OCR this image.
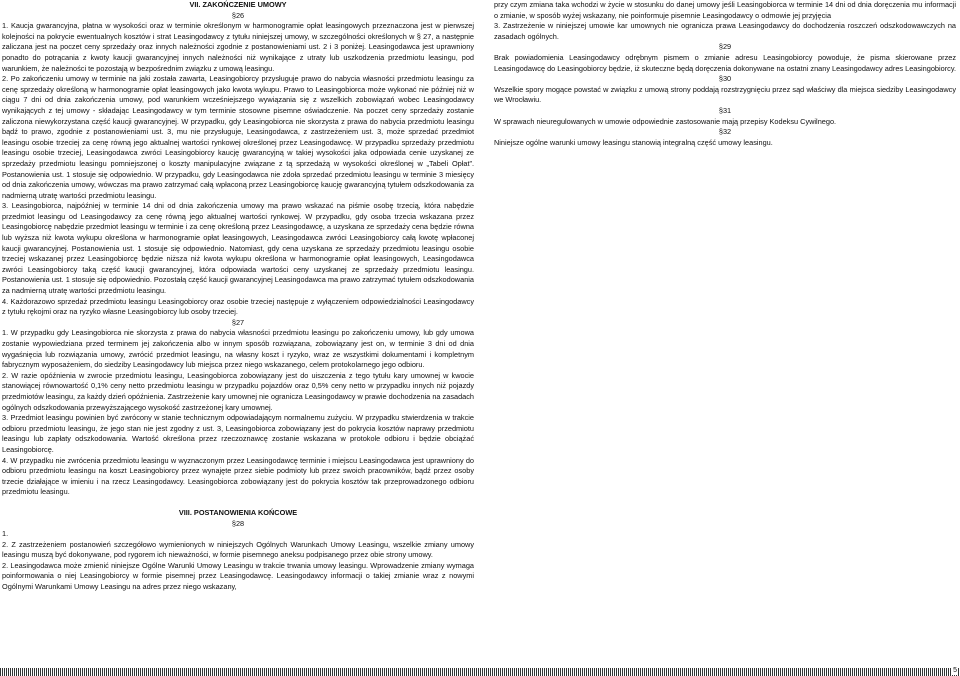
VII. ZAKOŃCZENIE UMOWY

§26

1. Kaucja gwarancyjna, płatna w wysokości oraz w terminie określonym w harmonogramie opłat leasingowych przeznaczona jest w pierwszej kolejności na pokrycie ewentualnych kosztów i strat Leasingodawcy z tytułu niniejszej umowy, w szczególności określonych w § 27, a następnie zaliczana jest na poczet ceny sprzedaży oraz innych należności zgodnie z postanowieniami ust. 2 i 3 poniżej. Leasingodawca jest uprawniony ponadto do potrącania z kwoty kaucji gwarancyjnej innych należności niż wynikające z utraty lub uszkodzenia przedmiotu leasingu, pod warunkiem, że należności te pozostają w bezpośrednim związku z umową leasingu.

2. Po zakończeniu umowy w terminie na jaki została zawarta, Leasingobiorcy przysługuje prawo do nabycia własności przedmiotu leasingu za cenę sprzedaży określoną w harmonogramie opłat leasingowych jako kwota wykupu. Prawo to Leasingobiorca może wykonać nie później niż w ciągu 7 dni od dnia zakończenia umowy, pod warunkiem wcześniejszego wywiązania się z wszelkich zobowiązań wobec Leasingodawcy wynikających z tej umowy - składając Leasingodawcy w tym terminie stosowne pisemne oświadczenie. Na poczet ceny sprzedaży zostanie zaliczona niewykorzystana część kaucji gwarancyjnej. W przypadku, gdy Leasingobiorca nie skorzysta z prawa do nabycia przedmiotu leasingu bądź to prawo, zgodnie z postanowieniami ust. 3, mu nie przysługuje, Leasingodawca, z zastrzeżeniem ust. 3, może sprzedać przedmiot leasingu osobie trzeciej za cenę równą jego aktualnej wartości rynkowej określonej przez Leasingodawcę. W przypadku sprzedaży przedmiotu leasingu osobie trzeciej, Leasingodawca zwróci Leasingobiorcy kaucję gwarancyjną w takiej wysokości jaka odpowiada cenie uzyskanej ze sprzedaży przedmiotu leasingu pomniejszonej o koszty manipulacyjne związane z tą sprzedażą w wysokości określonej w „Tabeli Opłat”. Postanowienia ust. 1 stosuje się odpowiednio. W przypadku, gdy Leasingodawca nie zdoła sprzedać przedmiotu leasingu w terminie 3 miesięcy od dnia zakończenia umowy, wówczas ma prawo zatrzymać całą wpłaconą przez Leasingobiorcę kaucję gwarancyjną tytułem odszkodowania za nadmierną utratę wartości przedmiotu leasingu.

3. Leasingobiorca, najpóźniej w terminie 14 dni od dnia zakończenia umowy ma prawo wskazać na piśmie osobę trzecią, która nabędzie przedmiot leasingu od Leasingodawcy za cenę równą jego aktualnej wartości rynkowej. W przypadku, gdy osoba trzecia wskazana przez Leasingobiorcę nabędzie przedmiot leasingu w terminie i za cenę określoną przez Leasingodawcę, a uzyskana ze sprzedaży cena będzie równa lub wyższa niż kwota wykupu określona w harmonogramie opłat leasingowych, Leasingodawca zwróci Leasingobiorcy całą kwotę wpłaconej kaucji gwarancyjnej. Postanowienia ust. 1 stosuje się odpowiednio. Natomiast, gdy cena uzyskana ze sprzedaży przedmiotu leasingu osobie trzeciej wskazanej przez Leasingobiorcę będzie niższa niż kwota wykupu określona w harmonogramie opłat leasingowych, Leasingodawca zwróci Leasingobiorcy taką część kaucji gwarancyjnej, która odpowiada wartości ceny uzyskanej ze sprzedaży przedmiotu leasingu. Postanowienia ust. 1 stosuje się odpowiednio. Pozostałą część kaucji gwarancyjnej Leasingodawca ma prawo zatrzymać tytułem odszkodowania za nadmierną utratę wartości przedmiotu leasingu.

4. Każdorazowo sprzedaż przedmiotu leasingu Leasingobiorcy oraz osobie trzeciej następuje z wyłączeniem odpowiedzialności Leasingodawcy z tytułu rękojmi oraz na ryzyko własne Leasingobiorcy lub osoby trzeciej.

§27

1. W przypadku gdy Leasingobiorca nie skorzysta z prawa do nabycia własności przedmiotu leasingu po zakończeniu umowy, lub gdy umowa zostanie wypowiedziana przed terminem jej zakończenia albo w innym sposób rozwiązana, zobowiązany jest on, w terminie 3 dni od dnia wygaśnięcia lub rozwiązania umowy, zwrócić przedmiot leasingu, na własny koszt i ryzyko, wraz ze wszystkimi dokumentami i kompletnym fabrycznym wyposażeniem, do siedziby Leasingodawcy lub miejsca przez niego wskazanego, celem protokolarnego jego odbioru.

2. W razie opóźnienia w zwrocie przedmiotu leasingu, Leasingobiorca zobowiązany jest do uiszczenia z tego tytułu kary umownej w kwocie stanowiącej równowartość 0,1% ceny netto przedmiotu leasingu w przypadku pojazdów oraz 0,5% ceny netto w przypadku innych niż pojazdy przedmiotów leasingu, za każdy dzień opóźnienia. Zastrzeżenie kary umownej nie ogranicza Leasingodawcy w prawie dochodzenia na zasadach ogólnych odszkodowania przewyższającego wysokość zastrzeżonej kary umownej.

3. Przedmiot leasingu powinien być zwrócony w stanie technicznym odpowiadającym normalnemu zużyciu. W przypadku stwierdzenia w trakcie odbioru przedmiotu leasingu, że jego stan nie jest zgodny z ust. 3, Leasingobiorca zobowiązany jest do pokrycia kosztów naprawy przedmiotu leasingu lub zapłaty odszkodowania. Wartość określona przez rzeczoznawcę zostanie wskazana w protokole odbioru i będzie obciążać Leasingobiorcę.

4. W przypadku nie zwrócenia przedmiotu leasingu w wyznaczonym przez Leasingodawcę terminie i miejscu Leasingodawca jest uprawniony do odbioru przedmiotu leasingu na koszt Leasingobiorcy przez wynajęte przez siebie podmioty lub przez swoich pracowników, bądź przez osoby trzecie działające w imieniu i na rzecz Leasingodawcy. Leasingobiorca zobowiązany jest do pokrycia kosztów tak przeprowadzonego odbioru przedmiotu leasingu.

VIII. POSTANOWIENIA KOŃCOWE

§28

1.

2. Z zastrzeżeniem postanowień szczegółowo wymienionych w niniejszych Ogólnych Warunkach Umowy Leasingu, wszelkie zmiany umowy leasingu muszą być dokonywane, pod rygorem ich nieważności, w formie pisemnego aneksu podpisanego przez obie strony umowy.

2. Leasingodawca może zmienić niniejsze Ogólne Warunki Umowy Leasingu w trakcie trwania umowy leasingu. Wprowadzenie zmiany wymaga poinformowania o niej Leasingobiorcy w formie pisemnej przez Leasingodawcę. Leasingodawcy informacji o takiej zmianie wraz z nowymi Ogólnymi Warunkami Umowy Leasingu na adres przez niego wskazany,

przy czym zmiana taka wchodzi w życie w stosunku do danej umowy jeśli Leasingobiorca w terminie 14 dni od dnia doręczenia mu informacji o zmianie, w sposób wyżej wskazany, nie poinformuje pisemnie Leasingodawcy o odmowie jej przyjęcia

3. Zastrzeżenie w niniejszej umowie kar umownych nie ogranicza prawa Leasingodawcy do dochodzenia roszczeń odszkodowawczych na zasadach ogólnych.

§29

Brak powiadomienia Leasingodawcy odrębnym pismem o zmianie adresu Leasingobiorcy powoduje, że pisma skierowane przez Leasingodawcę do Leasingobiorcy będzie, iż skuteczne będą doręczenia dokonywane na ostatni znany Leasingodawcy adres Leasingobiorcy.

§30

Wszelkie spory mogące powstać w związku z umową strony poddają rozstrzygnięciu przez sąd właściwy dla miejsca siedziby Leasingodawcy we Wrocławiu.

§31

W sprawach nieuregulowanych w umowie odpowiednie zastosowanie mają przepisy Kodeksu Cywilnego.

§32

Niniejsze ogólne warunki umowy leasingu stanowią integralną część umowy leasingu.

5
